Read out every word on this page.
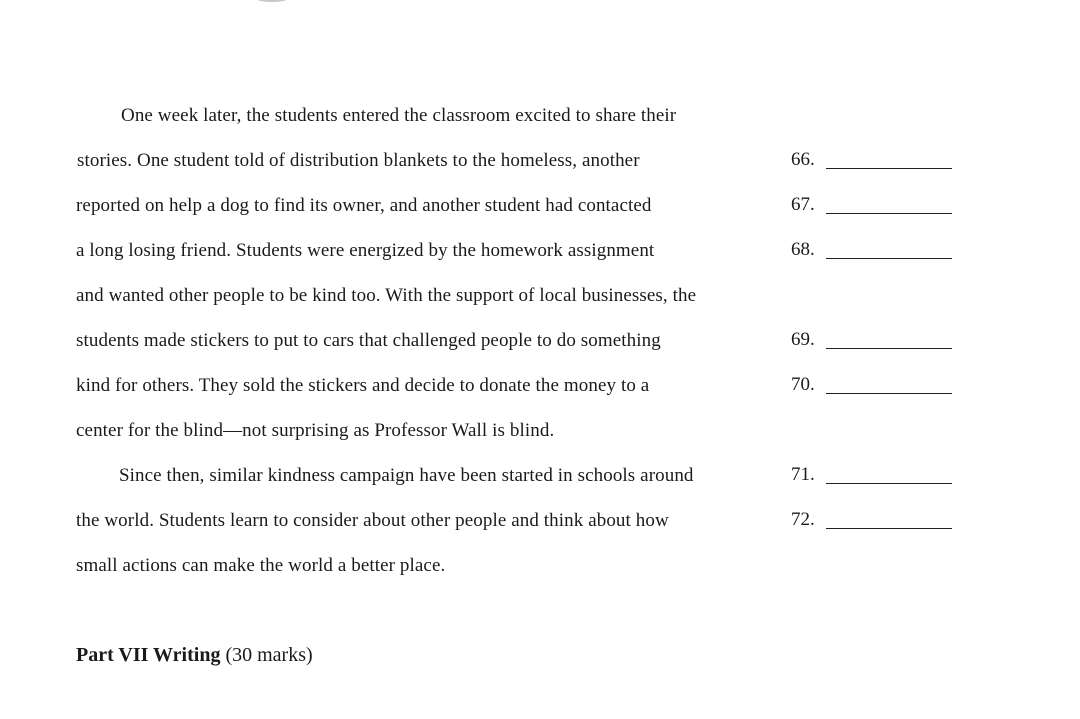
One week later, the students entered the classroom excited to share their
stories. One student told of distribution blankets to the homeless, another
reported on help a dog to find its owner, and another student had contacted
a long losing friend. Students were energized by the homework assignment
and wanted other people to be kind too. With the support of local businesses, the
students made stickers to put to cars that challenged people to do something
kind for others. They sold the stickers and decide to donate the money to a
center for the blind—not surprising as Professor Wall is blind.
Since then, similar kindness campaign have been started in schools around
the world. Students learn to consider about other people and think about how
small actions can make the world a better place.
66.
67.
68.
69.
70.
71.
72.
Part VII Writing (30 marks)
